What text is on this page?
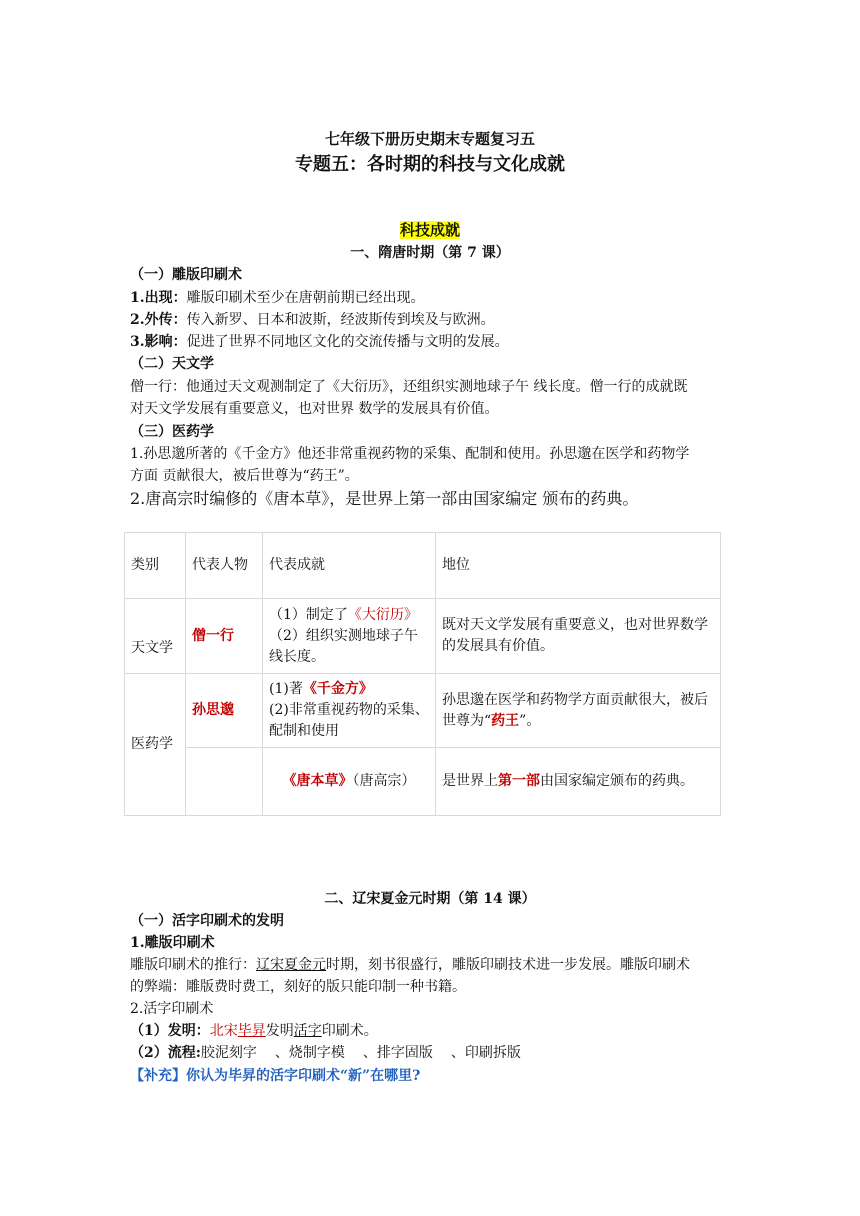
七年级下册历史期末专题复习五
专题五：各时期的科技与文化成就
科技成就
一、隋唐时期（第 7 课）
（一）雕版印刷术
1.出现：雕版印刷术至少在唐朝前期已经出现。
2.外传：传入新罗、日本和波斯，经波斯传到埃及与欧洲。
3.影响：促进了世界不同地区文化的交流传播与文明的发展。
（二）天文学
僧一行：他通过天文观测制定了《大衍历》，还组织实测地球子午 线长度。僧一行的成就既
对天文学发展有重要意义，也对世界 数学的发展具有价值。
（三）医药学
1.孙思邈所著的《千金方》他还非常重视药物的采集、配制和使用。孙思邈在医学和药物学
方面 贡献很大，被后世尊为“药王”。
2.唐高宗时编修的《唐本草》，是世界上第一部由国家编定 颁布的药典。
类别	代表人物	代表成就	地位
天文学	僧一行	（1）制定了《大衍历》
（2）组织实测地球子午线长度。	既对天文学发展有重要意义，也对世界数学的发展具有价值。
医药学	孙思邈	(1)著《千金方》
(2)非常重视药物的采集、配制和使用	孙思邈在医学和药物学方面贡献很大，被后世尊为“药王”。
		《唐本草》（唐高宗）	是世界上第一部由国家编定颁布的药典。
二、辽宋夏金元时期（第 14 课）
（一）活字印刷术的发明
1.雕版印刷术
雕版印刷术的推行：辽宋夏金元时期，刻书很盛行，雕版印刷技术进一步发展。雕版印刷术
的弊端：雕版费时费工，刻好的版只能印制一种书籍。
2.活字印刷术
（1）发明：北宋毕昇发明活字印刷术。
（2）流程:胶泥刻字 、烧制字模 、排字固版 、印刷拆版
【补充】你认为毕昇的活字印刷术“新”在哪里?
